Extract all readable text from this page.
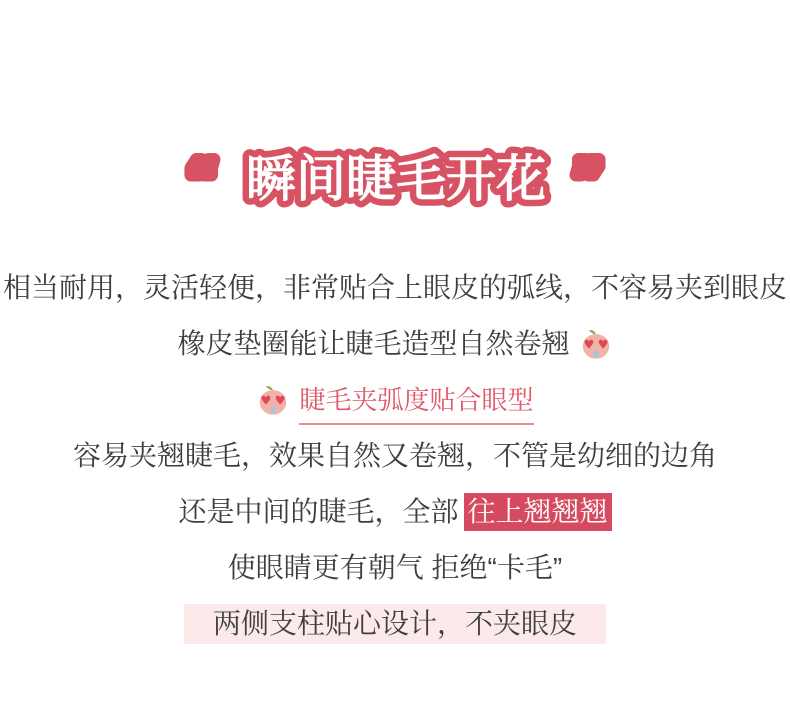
“ 瞬间睫毛开花 ”
相当耐用，灵活轻便，非常贴合上眼皮的弧线，不容易夹到眼皮
橡皮垫圈能让睫毛造型自然卷翘 ♥ ♥
♥ ♥ 睫毛夹弧度贴合眼型
容易夹翘睫毛，效果自然又卷翘，不管是幼细的边角
还是中间的睫毛，全部 往上翘翘翘
使眼睛更有朝气 拒绝“卡毛”
两侧支柱贴心设计，不夹眼皮
